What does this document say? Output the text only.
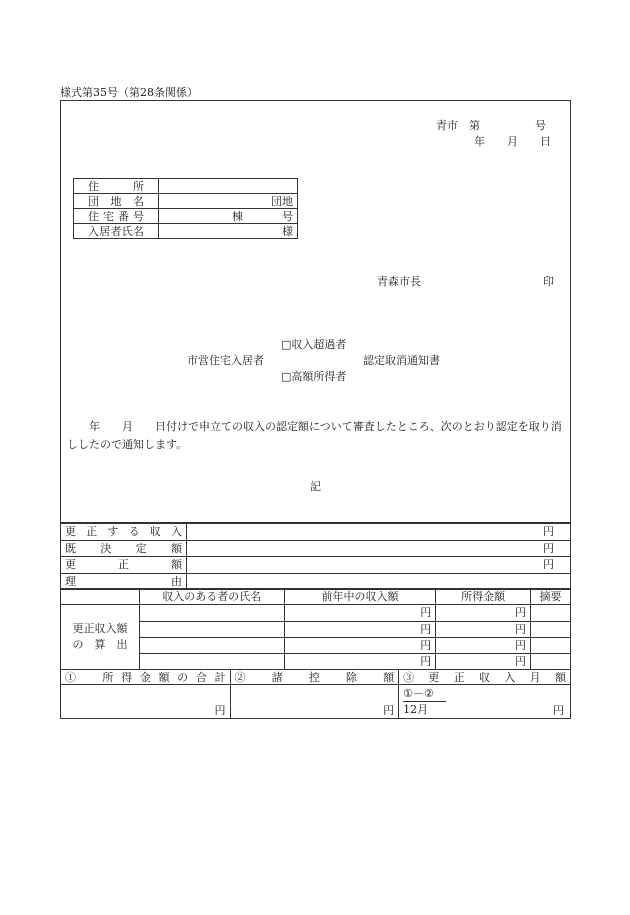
様式第35号（第28条関係）
青市　第　　　　　号
年　　月　　日
住　所	
団地名	団地
住宅番号	棟 号
入居者氏名	様
青森市長	印
□収入超過者
市営住宅入居者	認定取消通知書
□高額所得者
　　年　　月　　日付けで申立ての収入の認定額について審査したところ、次のとおり認定を取り消ししたので通知します。
記
更正する収入	円
既決定額	円
更正額	円
理由	
	収入のある者の氏名	前年中の収入額	所得金額	摘要
更正収入額
の　算　出		円	円	
		円	円	
		円	円	
		円	円	
①　所得金額の合計	②　諸　控　除　額	③　更　正　収　入　月　額
円	円	①－②
12月 円
